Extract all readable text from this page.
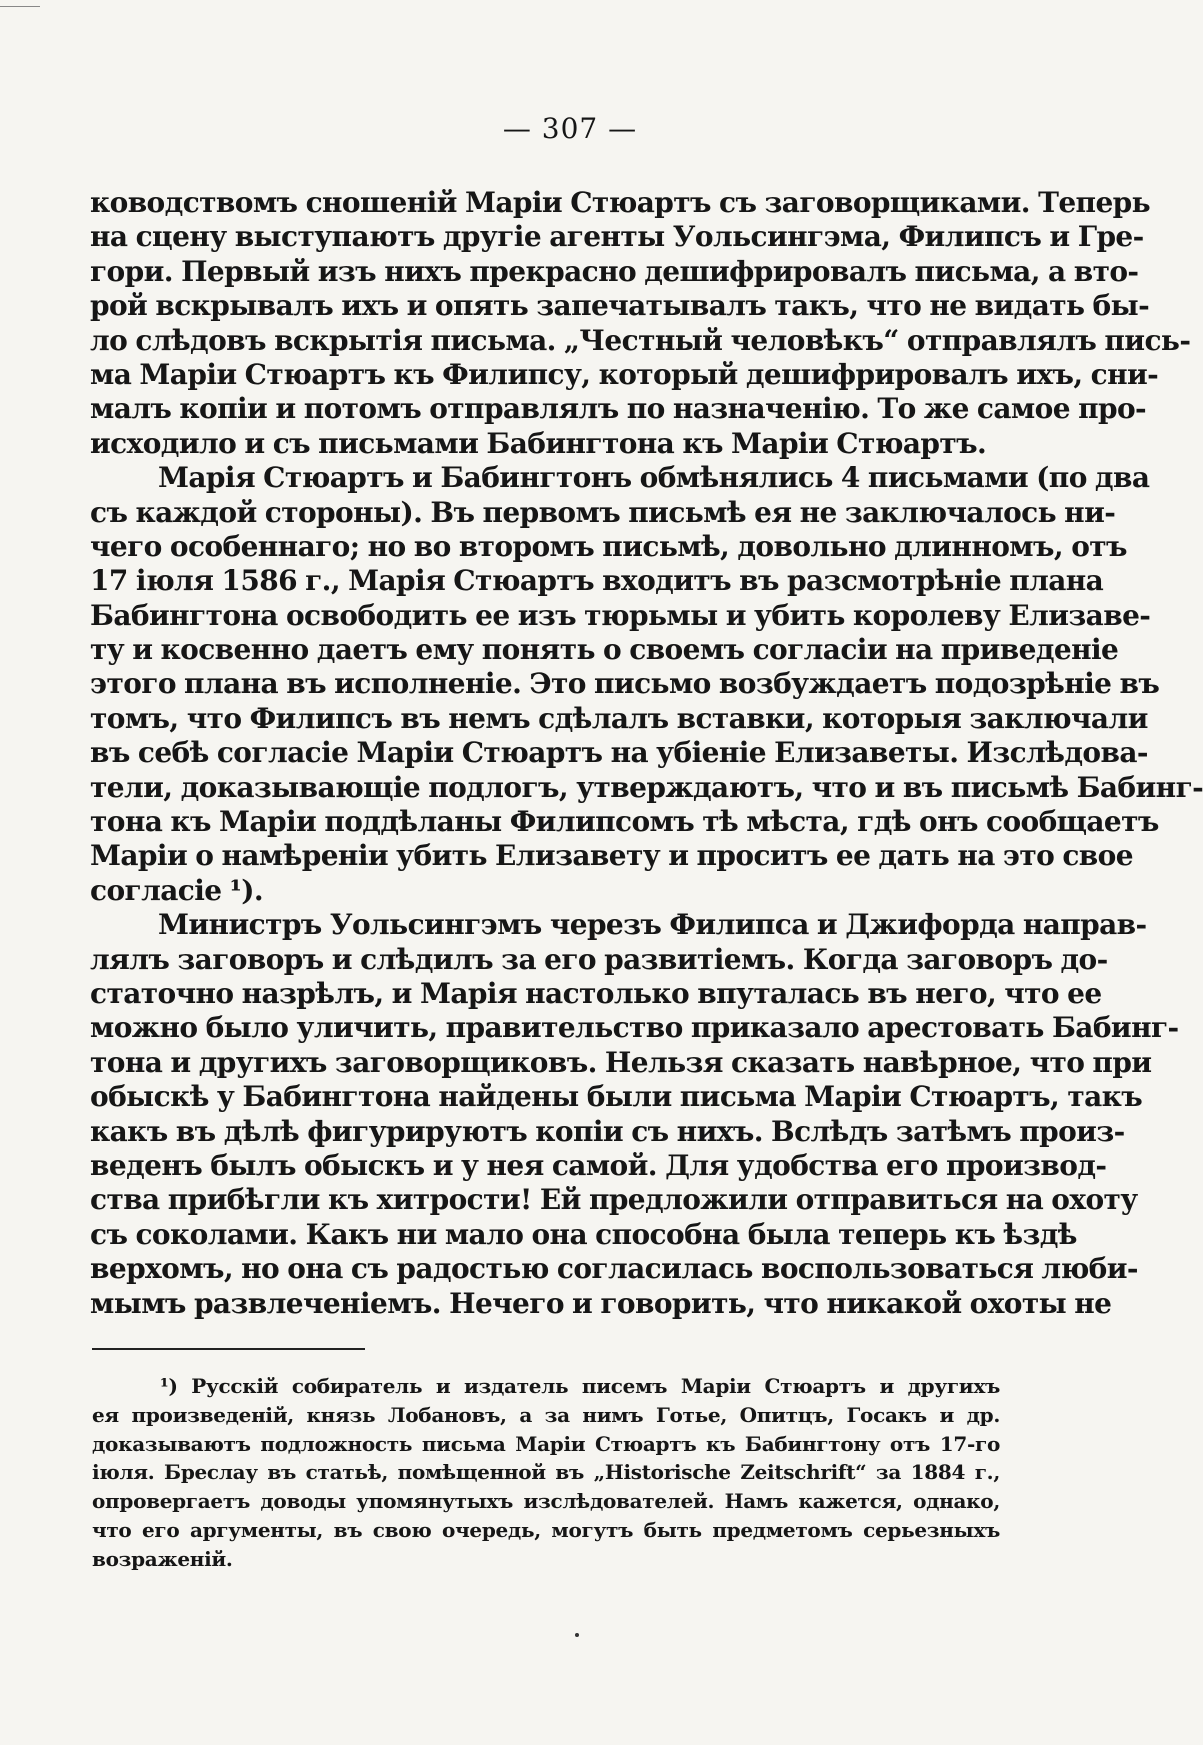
— 307 —
ководствомъ сношеній Маріи Стюартъ съ заговорщиками. Теперь
на сцену выступаютъ другіе агенты Уольсингэма, Филипсъ и Гре-
гори. Первый изъ нихъ прекрасно дешифрировалъ письма, а вто-
рой вскрывалъ ихъ и опять запечатывалъ такъ, что не видать бы-
ло слѣдовъ вскрытія письма. „Честный человѣкъ“ отправлялъ пись-
ма Маріи Стюартъ къ Филипсу, который дешифрировалъ ихъ, сни-
малъ копіи и потомъ отправлялъ по назначенію. То же самое про-
исходило и съ письмами Бабингтона къ Маріи Стюартъ.
Марія Стюартъ и Бабингтонъ обмѣнялись 4 письмами (по два
съ каждой стороны). Въ первомъ письмѣ ея не заключалось ни-
чего особеннаго; но во второмъ письмѣ, довольно длинномъ, отъ
17 іюля 1586 г., Марія Стюартъ входитъ въ разсмотрѣніе плана
Бабингтона освободить ее изъ тюрьмы и убить королеву Елизаве-
ту и косвенно даетъ ему понять о своемъ согласіи на приведеніе
этого плана въ исполненіе. Это письмо возбуждаетъ подозрѣніе въ
томъ, что Филипсъ въ немъ сдѣлалъ вставки, которыя заключали
въ себѣ согласіе Маріи Стюартъ на убіеніе Елизаветы. Изслѣдова-
тели, доказывающіе подлогъ, утверждаютъ, что и въ письмѣ Бабинг-
тона къ Маріи поддѣланы Филипсомъ тѣ мѣста, гдѣ онъ сообщаетъ
Маріи о намѣреніи убить Елизавету и проситъ ее дать на это свое
согласіе ¹).
Министръ Уольсингэмъ черезъ Филипса и Джифорда направ-
лялъ заговоръ и слѣдилъ за его развитіемъ. Когда заговоръ до-
статочно назрѣлъ, и Марія настолько впуталась въ него, что ее
можно было уличить, правительство приказало арестовать Бабинг-
тона и другихъ заговорщиковъ. Нельзя сказать навѣрное, что при
обыскѣ у Бабингтона найдены были письма Маріи Стюартъ, такъ
какъ въ дѣлѣ фигурируютъ копіи съ нихъ. Вслѣдъ затѣмъ произ-
веденъ былъ обыскъ и у нея самой. Для удобства его производ-
ства прибѣгли къ хитрости! Ей предложили отправиться на охоту
съ соколами. Какъ ни мало она способна была теперь къ ѣздѣ
верхомъ, но она съ радостью согласилась воспользоваться люби-
мымъ развлеченіемъ. Нечего и говорить, что никакой охоты не
¹) Русскій собиратель и издатель писемъ Маріи Стюартъ и другихъ
ея произведеній, князь Лобановъ, а за нимъ Готье, Опитцъ, Госакъ и др.
доказываютъ подложность письма Маріи Стюартъ къ Бабингтону отъ 17-го
іюля. Бреслау въ статьѣ, помѣщенной въ „Historische Zeitschrift“ за 1884 г.,
опровергаетъ доводы упомянутыхъ изслѣдователей. Намъ кажется, однако,
что его аргументы, въ свою очередь, могутъ быть предметомъ серьезныхъ
возраженій.
